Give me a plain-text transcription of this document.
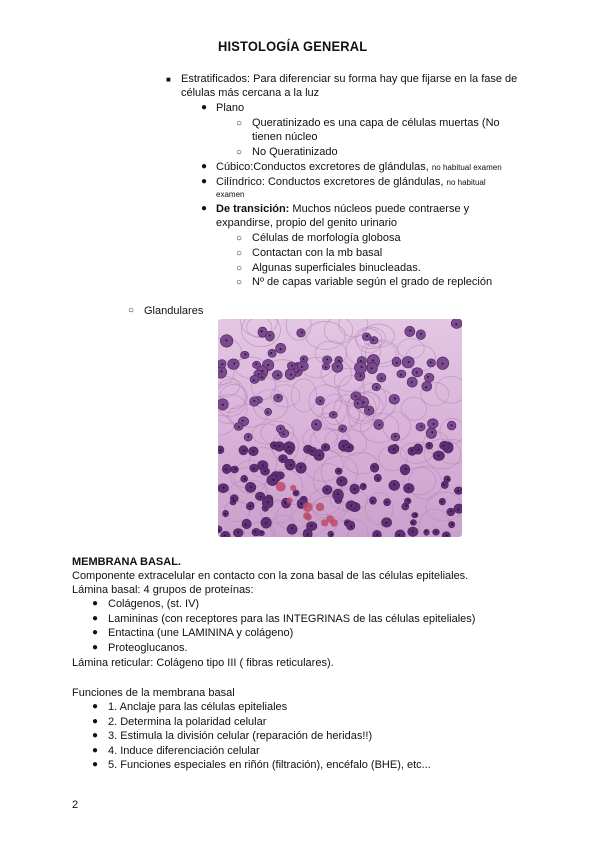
HISTOLOGÍA GENERAL
■ Estratificados: Para diferenciar su forma hay que fijarse en la fase de
células más cercana a la luz
● Plano
○ Queratinizado es una capa de células muertas (No
tienen núcleo
○ No Queratinizado
● Cúbico:Conductos excretores de glándulas, no habitual examen
● Cilíndrico: Conductos excretores de glándulas, no habitual
examen
● De transición: Muchos núcleos puede contraerse y
expandirse, propio del genito urinario
○ Células de morfología globosa
○ Contactan con la mb basal
○ Algunas superficiales binucleadas.
○ Nº de capas variable según el grado de repleción
○ Glandulares
MEMBRANA BASAL.
Componente extracelular en contacto con la zona basal de las células epiteliales.
Lámina basal: 4 grupos de proteínas:
● Colágenos, (st. IV)
● Lamininas (con receptores para las INTEGRINAS de las células epiteliales)
● Entactina (une LAMININA y colágeno)
● Proteoglucanos.
Lámina reticular: Colágeno tipo III ( fibras reticulares).
Funciones de la membrana basal
● 1. Anclaje para las células epiteliales
● 2. Determina la polaridad celular
● 3. Estimula la división celular (reparación de heridas!!)
● 4. Induce diferenciación celular
● 5. Funciones especiales en riñón (filtración), encéfalo (BHE), etc...
2
